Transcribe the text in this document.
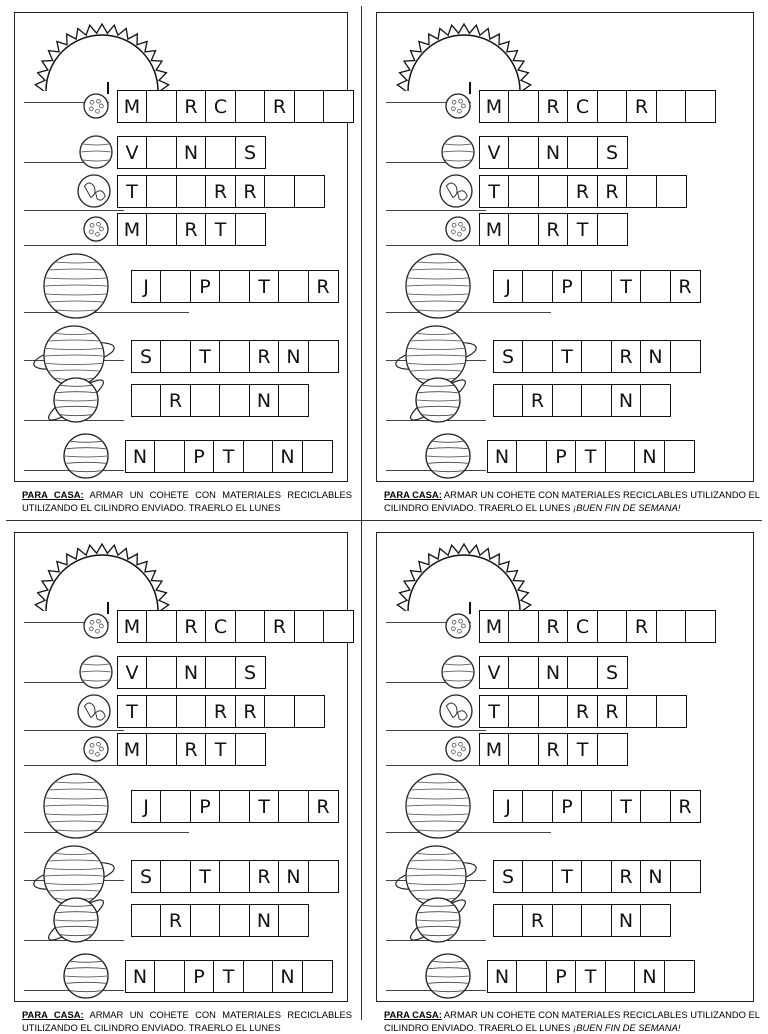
M	R C	R
V	N	S
T	R R
M	R T
J	P	T	R
S	T	R N
R	N
N	P T	N
PARA CASA: ARMAR UN COHETE CON MATERIALES RECICLABLES UTILIZANDO EL CILINDRO ENVIADO. TRAERLO EL LUNES
M	R C	R
V	N	S
T	R R
M	R T
J	P	T	R
S	T	R N
R	N
N	P T	N
PARA CASA: ARMAR UN COHETE CON MATERIALES RECICLABLES UTILIZANDO EL CILINDRO ENVIADO. TRAERLO EL LUNES ¡BUEN FIN DE SEMANA!
M	R C	R
V	N	S
T	R R
M	R T
J	P	T	R
S	T	R N
R	N
N	P T	N
PARA CASA: ARMAR UN COHETE CON MATERIALES RECICLABLES UTILIZANDO EL CILINDRO ENVIADO. TRAERLO EL LUNES
M	R C	R
V	N	S
T	R R
M	R T
J	P	T	R
S	T	R N
R	N
N	P T	N
PARA CASA: ARMAR UN COHETE CON MATERIALES RECICLABLES UTILIZANDO EL CILINDRO ENVIADO. TRAERLO EL LUNES ¡BUEN FIN DE SEMANA!
